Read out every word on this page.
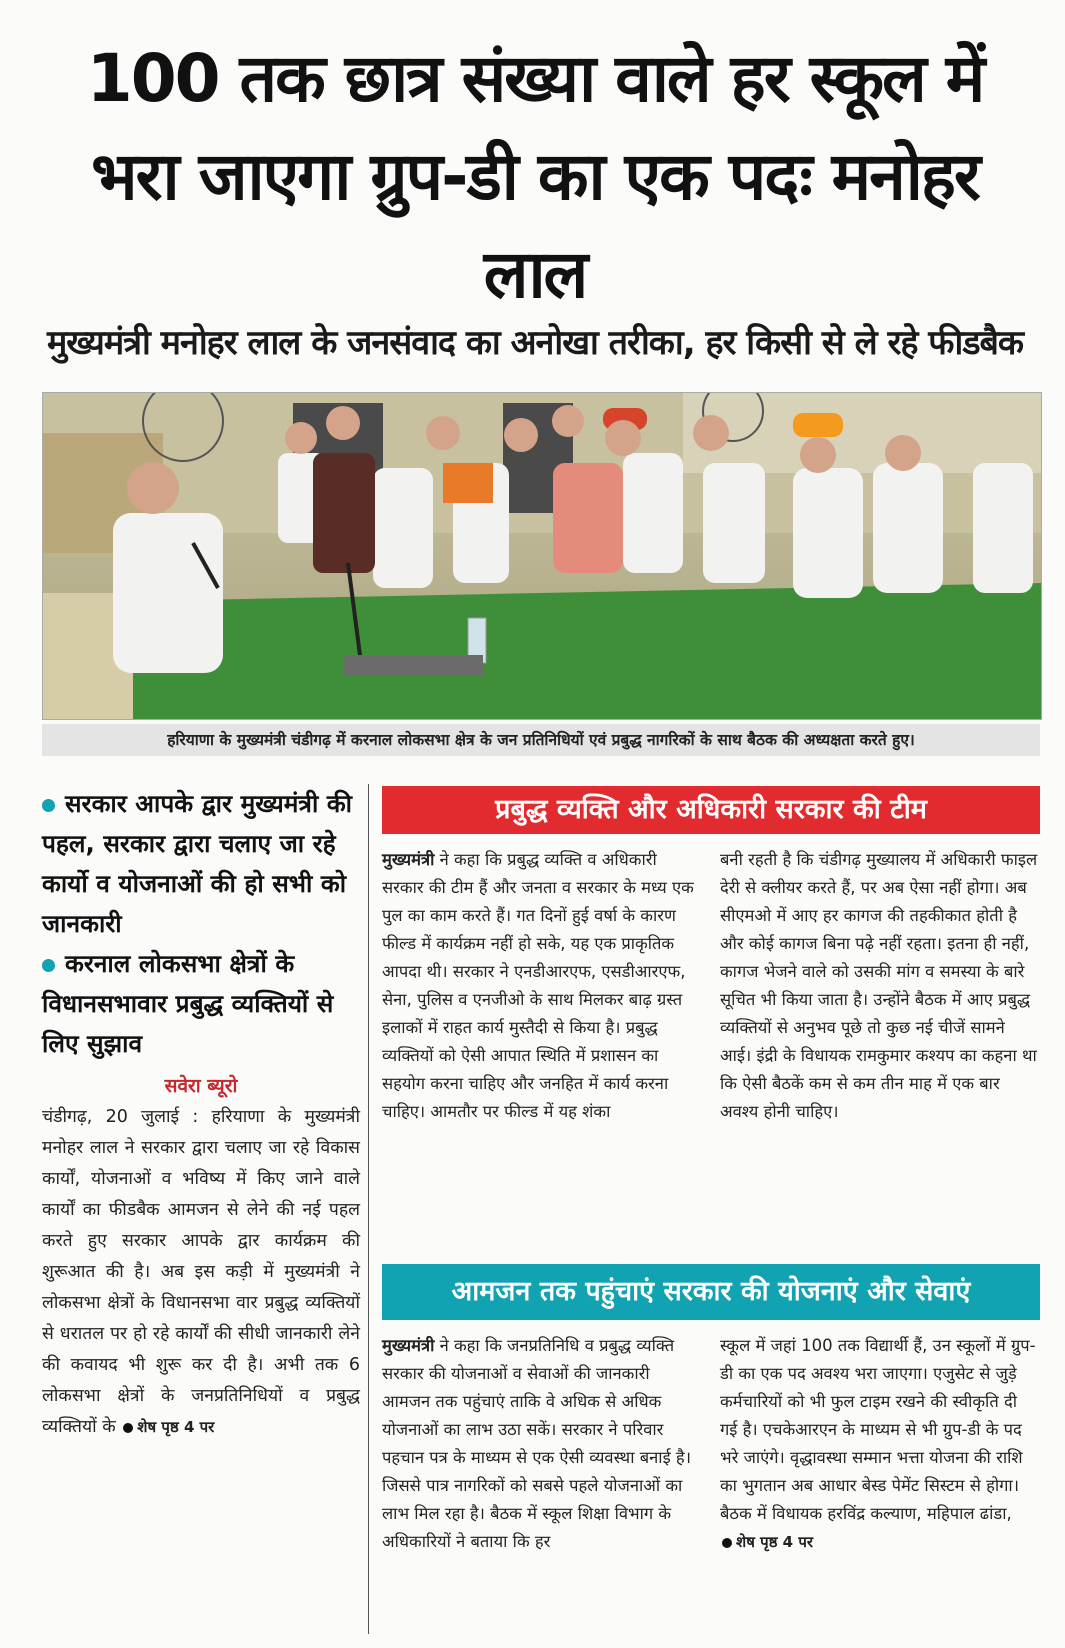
100 तक छात्र संख्या वाले हर स्कूल में भरा जाएगा ग्रुप-डी का एक पदः मनोहर लाल
मुख्यमंत्री मनोहर लाल के जनसंवाद का अनोखा तरीका, हर किसी से ले रहे फीडबैक
हरियाणा के मुख्यमंत्री चंडीगढ़ में करनाल लोकसभा क्षेत्र के जन प्रतिनिधियों एवं प्रबुद्ध नागरिकों के साथ बैठक की अध्यक्षता करते हुए।
सरकार आपके द्वार मुख्यमंत्री की पहल, सरकार द्वारा चलाए जा रहे कार्यो व योजनाओं की हो सभी को जानकारी
करनाल लोकसभा क्षेत्रों के विधानसभावार प्रबुद्ध व्यक्तियों से लिए सुझाव
सवेरा ब्यूरो
चंडीगढ़, 20 जुलाई : हरियाणा के मुख्यमंत्री मनोहर लाल ने सरकार द्वारा चलाए जा रहे विकास कार्यों, योजनाओं व भविष्य में किए जाने वाले कार्यों का फीडबैक आमजन से लेने की नई पहल करते हुए सरकार आपके द्वार कार्यक्रम की शुरूआत की है। अब इस कड़ी में मुख्यमंत्री ने लोकसभा क्षेत्रों के विधानसभा वार प्रबुद्ध व्यक्तियों से धरातल पर हो रहे कार्यों की सीधी जानकारी लेने की कवायद भी शुरू कर दी है। अभी तक 6 लोकसभा क्षेत्रों के जनप्रतिनिधियों व प्रबुद्ध व्यक्तियों के शेष पृष्ठ 4 पर
प्रबुद्ध व्यक्ति और अधिकारी सरकार की टीम
मुख्यमंत्री ने कहा कि प्रबुद्ध व्यक्ति व अधिकारी सरकार की टीम हैं और जनता व सरकार के मध्य एक पुल का काम करते हैं। गत दिनों हुई वर्षा के कारण फील्ड में कार्यक्रम नहीं हो सके, यह एक प्राकृतिक आपदा थी। सरकार ने एनडीआरएफ, एसडीआरएफ, सेना, पुलिस व एनजीओ के साथ मिलकर बाढ़ ग्रस्त इलाकों में राहत कार्य मुस्तैदी से किया है। प्रबुद्ध व्यक्तियों को ऐसी आपात स्थिति में प्रशासन का सहयोग करना चाहिए और जनहित में कार्य करना चाहिए। आमतौर पर फील्ड में यह शंका
बनी रहती है कि चंडीगढ़ मुख्यालय में अधिकारी फाइल देरी से क्लीयर करते हैं, पर अब ऐसा नहीं होगा। अब सीएमओ में आए हर कागज की तहकीकात होती है और कोई कागज बिना पढ़े नहीं रहता। इतना ही नहीं, कागज भेजने वाले को उसकी मांग व समस्या के बारे सूचित भी किया जाता है। उन्होंने बैठक में आए प्रबुद्ध व्यक्तियों से अनुभव पूछे तो कुछ नई चीजें सामने आई। इंद्री के विधायक रामकुमार कश्यप का कहना था कि ऐसी बैठकें कम से कम तीन माह में एक बार अवश्य होनी चाहिए।
आमजन तक पहुंचाएं सरकार की योजनाएं और सेवाएं
मुख्यमंत्री ने कहा कि जनप्रतिनिधि व प्रबुद्ध व्यक्ति सरकार की योजनाओं व सेवाओं की जानकारी आमजन तक पहुंचाएं ताकि वे अधिक से अधिक योजनाओं का लाभ उठा सकें। सरकार ने परिवार पहचान पत्र के माध्यम से एक ऐसी व्यवस्था बनाई है। जिससे पात्र नागरिकों को सबसे पहले योजनाओं का लाभ मिल रहा है। बैठक में स्कूल शिक्षा विभाग के अधिकारियों ने बताया कि हर
स्कूल में जहां 100 तक विद्यार्थी हैं, उन स्कूलों में ग्रुप-डी का एक पद अवश्य भरा जाएगा। एजुसेट से जुड़े कर्मचारियों को भी फुल टाइम रखने की स्वीकृति दी गई है। एचकेआरएन के माध्यम से भी ग्रुप-डी के पद भरे जाएंगे। वृद्धावस्था सम्मान भत्ता योजना की राशि का भुगतान अब आधार बेस्ड पेमेंट सिस्टम से होगा। बैठक में विधायक हरविंद्र कल्याण, महिपाल ढांडा, शेष पृष्ठ 4 पर
